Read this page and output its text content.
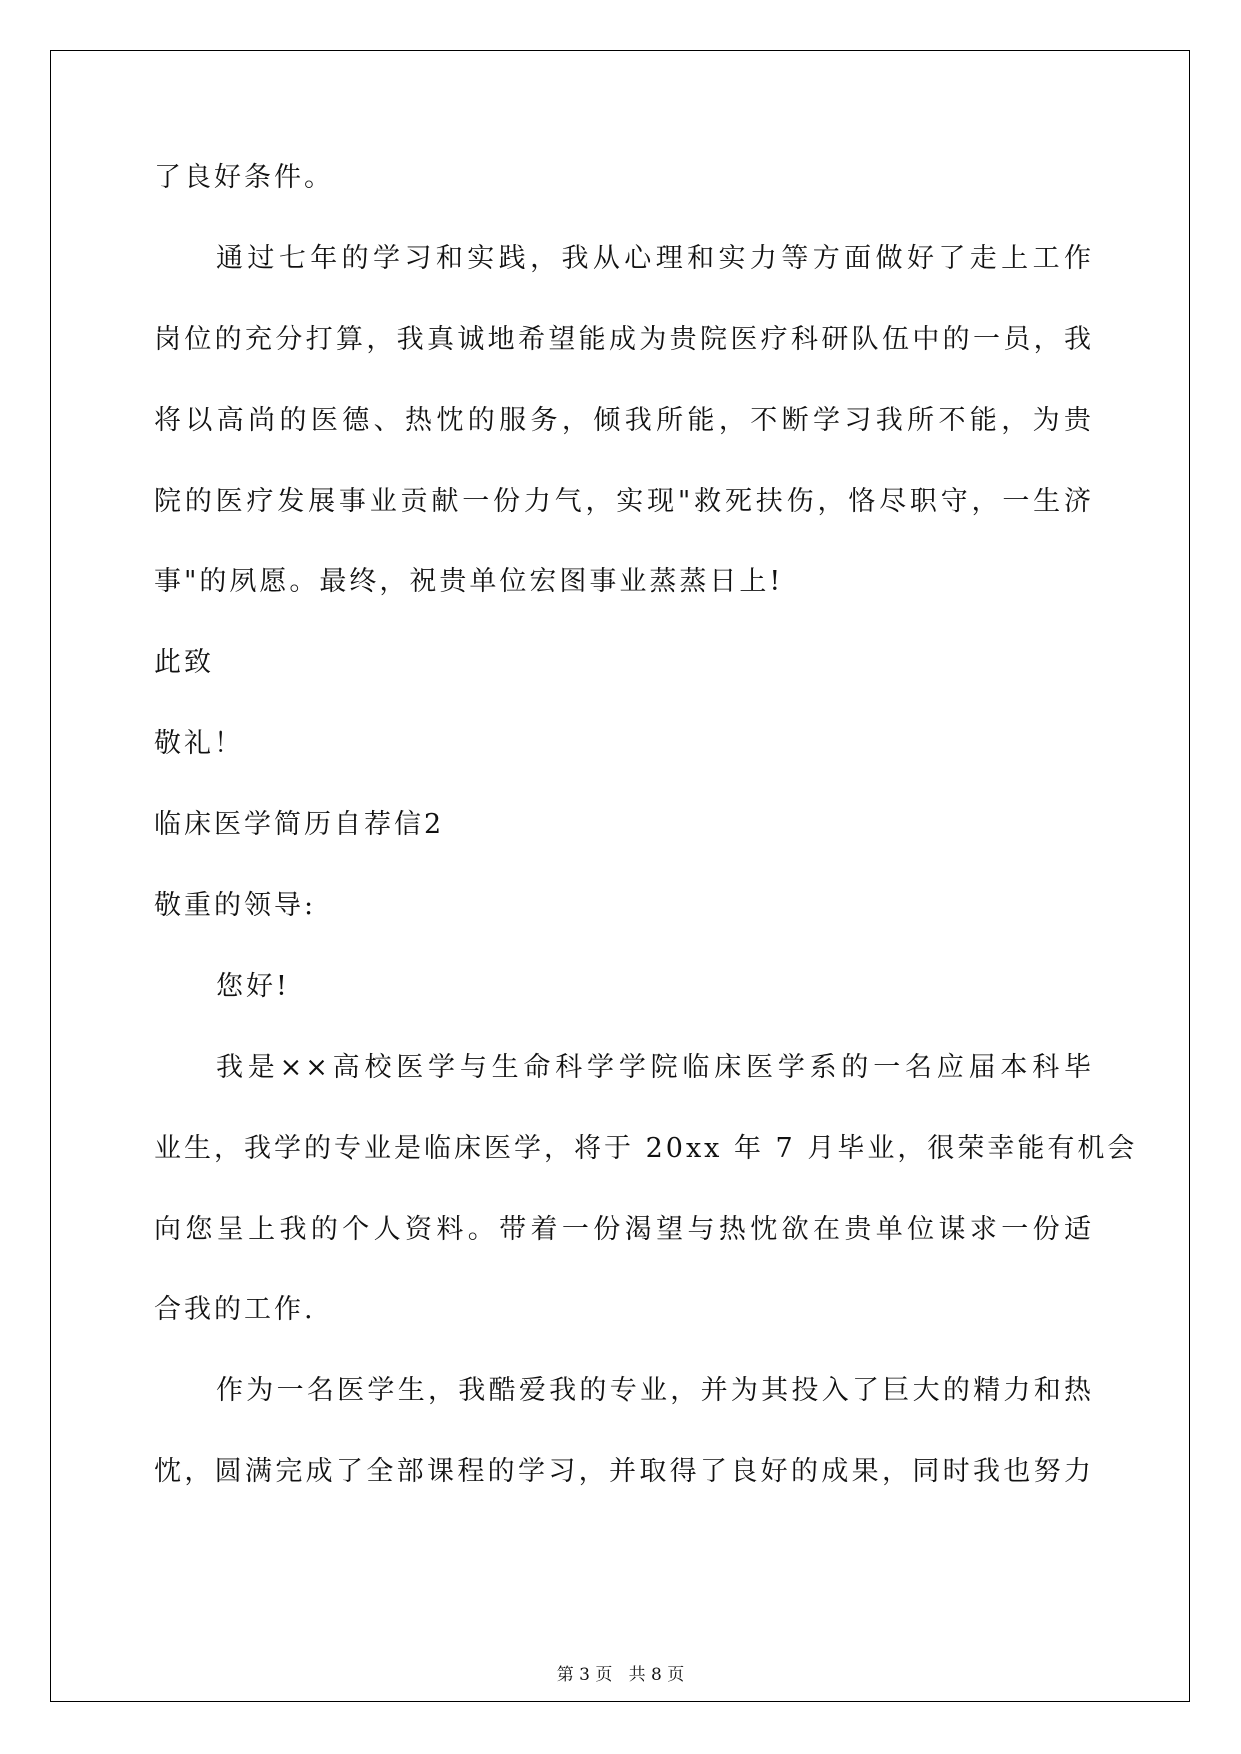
了良好条件。

通过七年的学习和实践，我从心理和实力等方面做好了走上工作

岗位的充分打算，我真诚地希望能成为贵院医疗科研队伍中的一员，我

将以高尚的医德、热忱的服务，倾我所能，不断学习我所不能，为贵

院的医疗发展事业贡献一份力气，实现"救死扶伤，恪尽职守，一生济

事"的夙愿。最终，祝贵单位宏图事业蒸蒸日上!

此致

敬礼！

临床医学简历自荐信2

敬重的领导:

您好!

我是××高校医学与生命科学学院临床医学系的一名应届本科毕

业生，我学的专业是临床医学，将于 20xx 年 7 月毕业，很荣幸能有机会

向您呈上我的个人资料。带着一份渴望与热忱欲在贵单位谋求一份适

合我的工作.

作为一名医学生，我酷爱我的专业，并为其投入了巨大的精力和热

忱，圆满完成了全部课程的学习，并取得了良好的成果，同时我也努力

第 3 页 共 8 页
